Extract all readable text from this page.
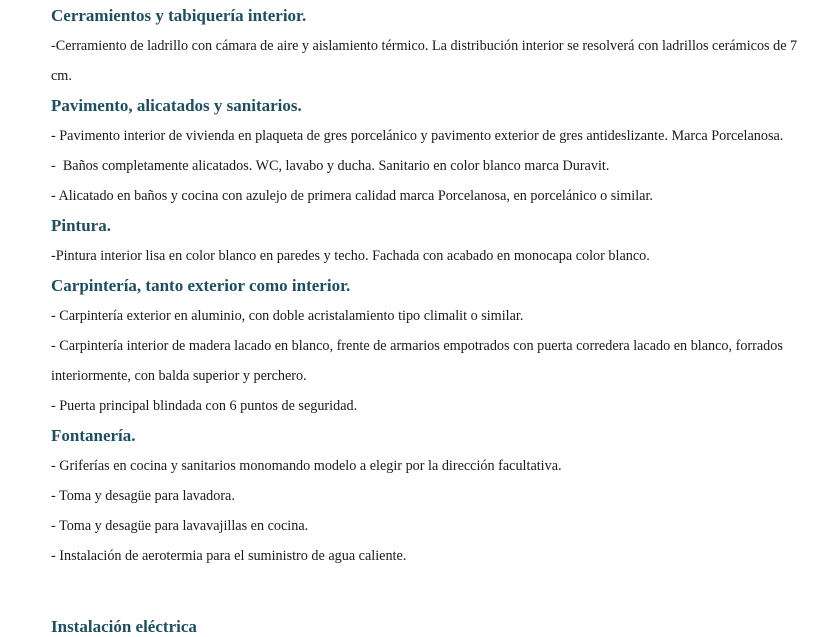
Cerramientos y tabiquería interior.

-Cerramiento de ladrillo con cámara de aire y aislamiento térmico. La distribución interior se resolverá con ladrillos cerámicos de 7 cm.

Pavimento, alicatados y sanitarios.

- Pavimento interior de vivienda en plaqueta de gres porcelánico y pavimento exterior de gres antideslizante. Marca Porcelanosa.

-  Baños completamente alicatados. WC, lavabo y ducha. Sanitario en color blanco marca Duravit.

- Alicatado en baños y cocina con azulejo de primera calidad marca Porcelanosa, en porcelánico o similar.

Pintura.

-Pintura interior lisa en color blanco en paredes y techo. Fachada con acabado en monocapa color blanco.

Carpintería, tanto exterior como interior.

- Carpintería exterior en aluminio, con doble acristalamiento tipo climalit o similar.

- Carpintería interior de madera lacado en blanco, frente de armarios empotrados con puerta corredera lacado en blanco, forrados interiormente, con balda superior y perchero.

- Puerta principal blindada con 6 puntos de seguridad.

Fontanería.

- Griferías en cocina y sanitarios monomando modelo a elegir por la dirección facultativa.

- Toma y desagüe para lavadora.

- Toma y desagüe para lavavajillas en cocina.

- Instalación de aerotermia para el suministro de agua caliente.

Instalación eléctrica
